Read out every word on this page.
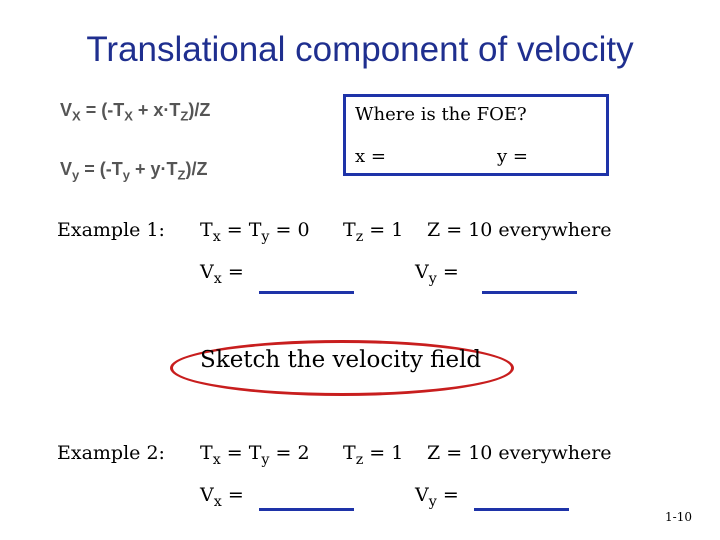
Translational component of velocity
$V_X = (-T_X + x\cdot T_Z)/Z$
$V_y = (-T_y + y\cdot T_Z)/Z$
Where is the FOE?
x =	y =
Example 1: $T_x = T_y = 0$ $T_z = 1$ Z = 10 everywhere
$V_x$ =	$V_y$ =
Sketch the velocity field
Example 2: $T_x = T_y = 2$ $T_z = 1$ Z = 10 everywhere
$V_x$ =	$V_y$ =
1-10
